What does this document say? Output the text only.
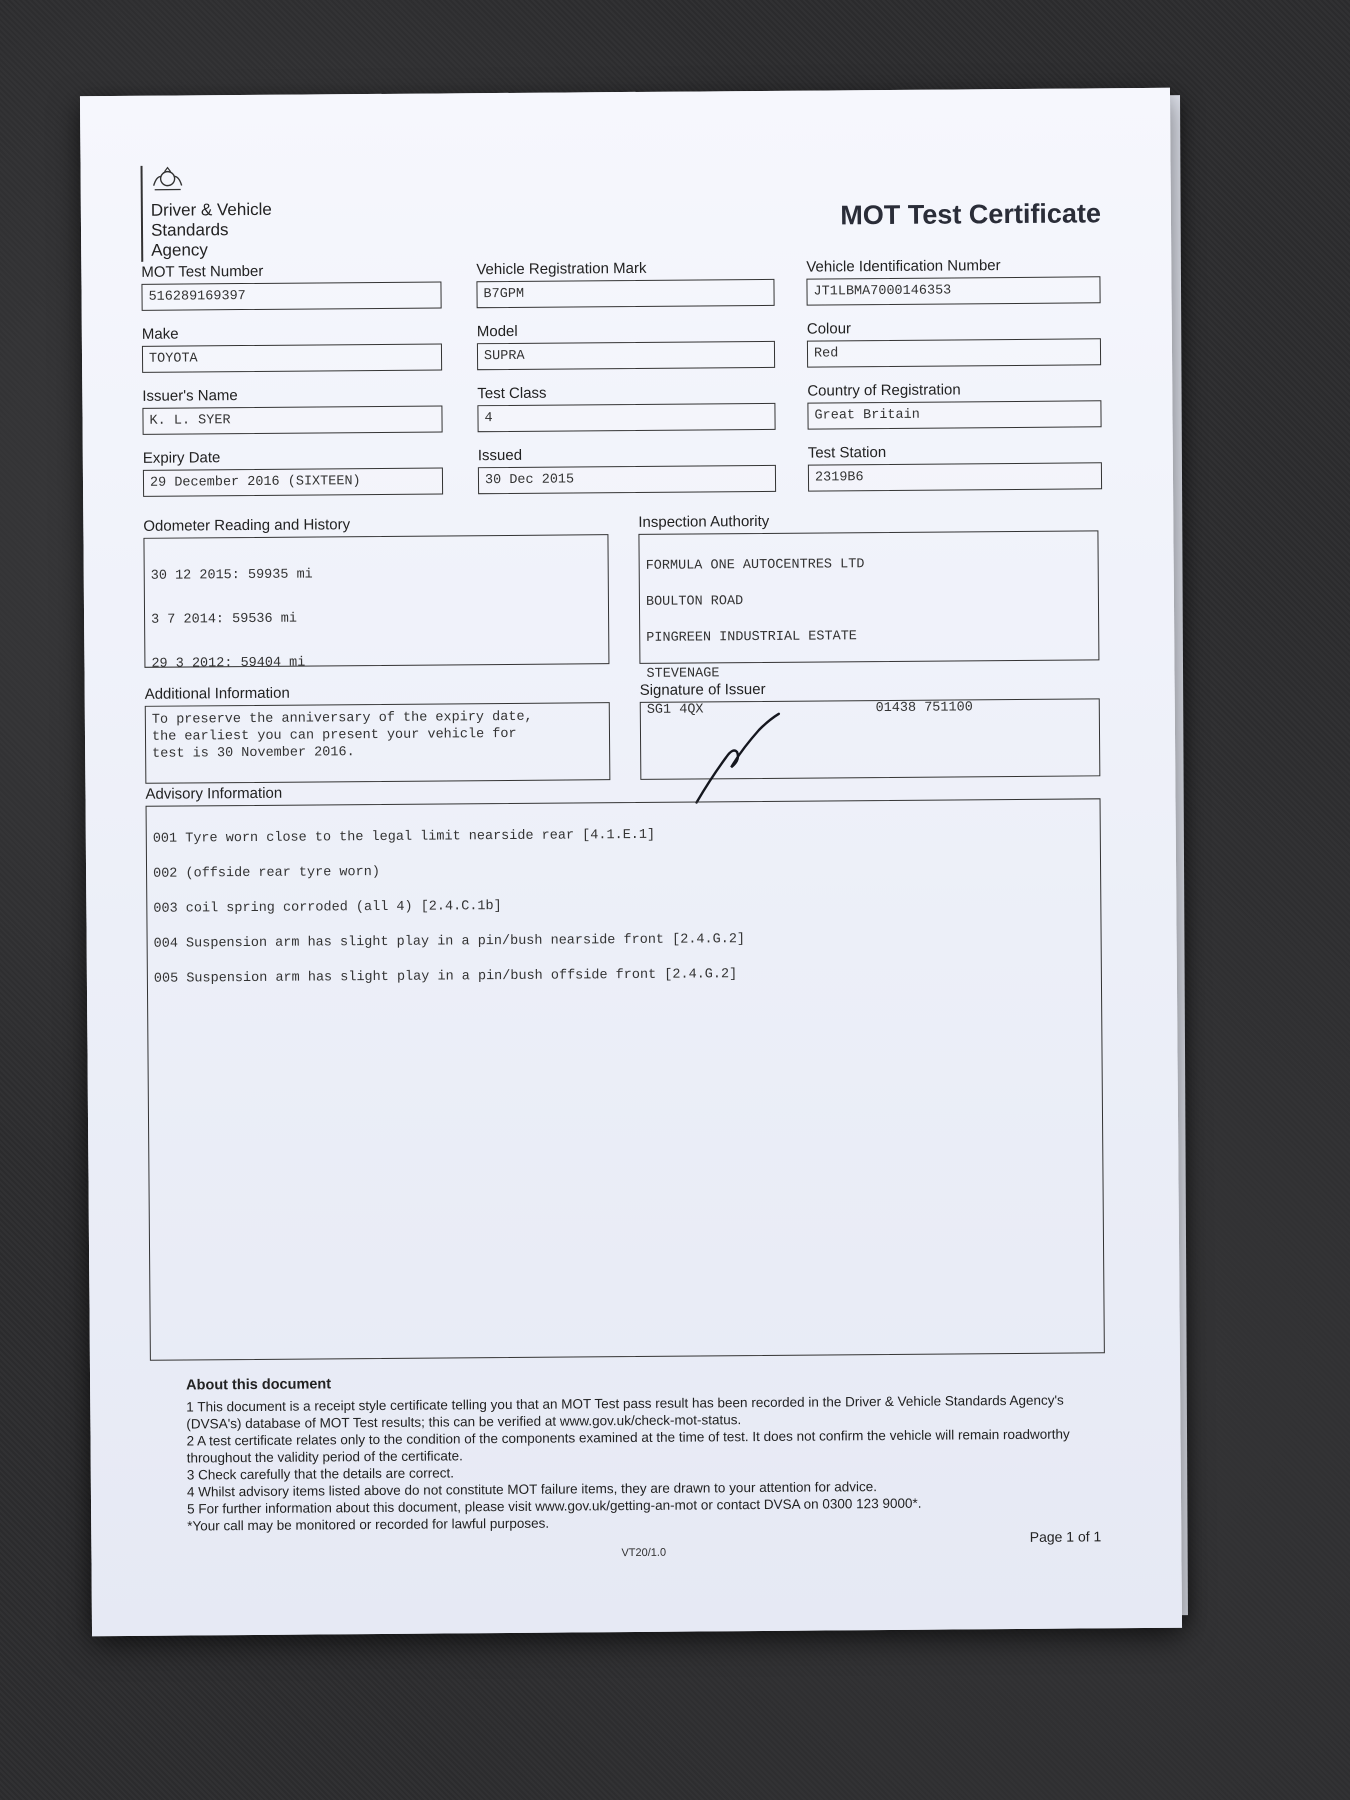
Driver & Vehicle
Standards
Agency
MOT Test Certificate
MOT Test Number
516289169397
Vehicle Registration Mark
B7GPM
Vehicle Identification Number
JT1LBMA7000146353
Make
TOYOTA
Model
SUPRA
Colour
Red
Issuer's Name
K. L. SYER
Test Class
4
Country of Registration
Great Britain
Expiry Date
29 December 2016 (SIXTEEN)
Issued
30 Dec 2015
Test Station
2319B6
Odometer Reading and History

30 12 2015: 59935 mi

3 7 2014: 59536 mi

29 3 2012: 59404 mi

Inspection Authority

FORMULA ONE AUTOCENTRES LTD

BOULTON ROAD

PINGREEN INDUSTRIAL ESTATE

STEVENAGE

SG1 4QX	01438 751100

Additional Information
To preserve the anniversary of the expiry date,
the earliest you can present your vehicle for
test is 30 November 2016.
Signature of Issuer

Advisory Information

001 Tyre worn close to the legal limit nearside rear [4.1.E.1]

002 (offside rear tyre worn)

003 coil spring corroded (all 4) [2.4.C.1b]

004 Suspension arm has slight play in a pin/bush nearside front [2.4.G.2]

005 Suspension arm has slight play in a pin/bush offside front [2.4.G.2]

About this document

1 This document is a receipt style certificate telling you that an MOT Test pass result has been recorded in the Driver & Vehicle Standards Agency's (DVSA's) database of MOT Test results; this can be verified at www.gov.uk/check-mot-status.

2 A test certificate relates only to the condition of the components examined at the time of test. It does not confirm the vehicle will remain roadworthy throughout the validity period of the certificate.

3 Check carefully that the details are correct.

4 Whilst advisory items listed above do not constitute MOT failure items, they are drawn to your attention for advice.

5 For further information about this document, please visit www.gov.uk/getting-an-mot or contact DVSA on 0300 123 9000*.

*Your call may be monitored or recorded for lawful purposes.

Page 1 of 1
VT20/1.0
